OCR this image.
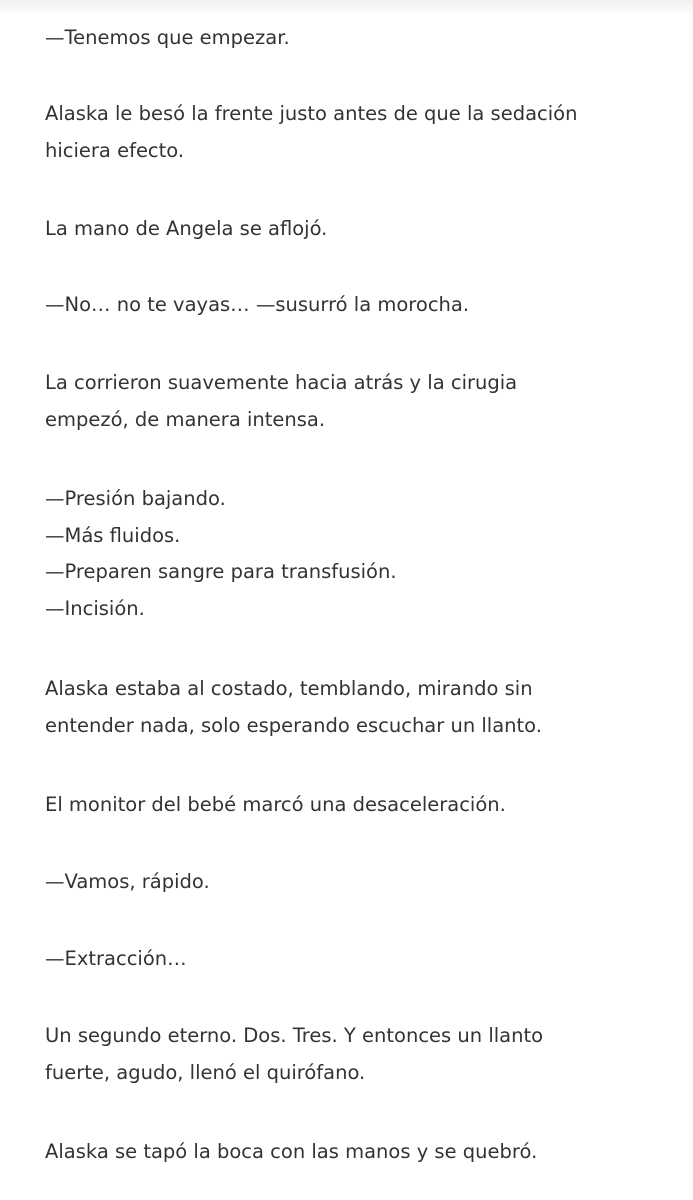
—Tenemos que empezar.

Alaska le besó la frente justo antes de que la sedación
hiciera efecto.

La mano de Angela se aflojó.

—No… no te vayas… —susurró la morocha.

La corrieron suavemente hacia atrás y la cirugia
empezó, de manera intensa.

—Presión bajando.
—Más fluidos.
—Preparen sangre para transfusión.
—Incisión.

Alaska estaba al costado, temblando, mirando sin
entender nada, solo esperando escuchar un llanto.

El monitor del bebé marcó una desaceleración.

—Vamos, rápido.

—Extracción…

Un segundo eterno. Dos. Tres. Y entonces un llanto
fuerte, agudo, llenó el quirófano.

Alaska se tapó la boca con las manos y se quebró.
